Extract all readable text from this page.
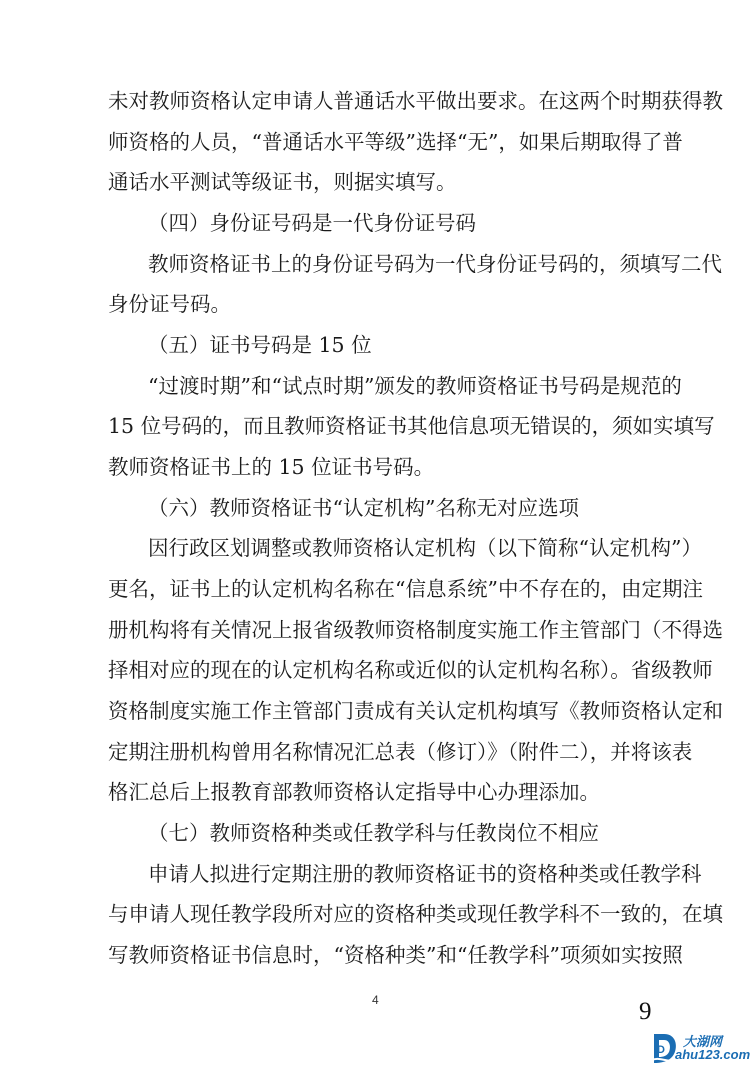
未对教师资格认定申请人普通话水平做出要求。在这两个时期获得教
师资格的人员，“普通话水平等级”选择“无”，如果后期取得了普
通话水平测试等级证书，则据实填写。
（四）身份证号码是一代身份证号码
教师资格证书上的身份证号码为一代身份证号码的，须填写二代
身份证号码。
（五）证书号码是 15 位
“过渡时期”和“试点时期”颁发的教师资格证书号码是规范的
15 位号码的，而且教师资格证书其他信息项无错误的，须如实填写
教师资格证书上的 15 位证书号码。
（六）教师资格证书“认定机构”名称无对应选项
因行政区划调整或教师资格认定机构（以下简称“认定机构”）
更名，证书上的认定机构名称在“信息系统”中不存在的，由定期注
册机构将有关情况上报省级教师资格制度实施工作主管部门（不得选
择相对应的现在的认定机构名称或近似的认定机构名称）。省级教师
资格制度实施工作主管部门责成有关认定机构填写《教师资格认定和
定期注册机构曾用名称情况汇总表（修订）》（附件二），并将该表
格汇总后上报教育部教师资格认定指导中心办理添加。
（七）教师资格种类或任教学科与任教岗位不相应
申请人拟进行定期注册的教师资格证书的资格种类或任教学科
4	9
D
大湖网
ahu123.com
与申请人现任教学段所对应的资格种类或现任教学科不一致的，在填
写教师资格证书信息时，“资格种类”和“任教学科”项须如实按照
